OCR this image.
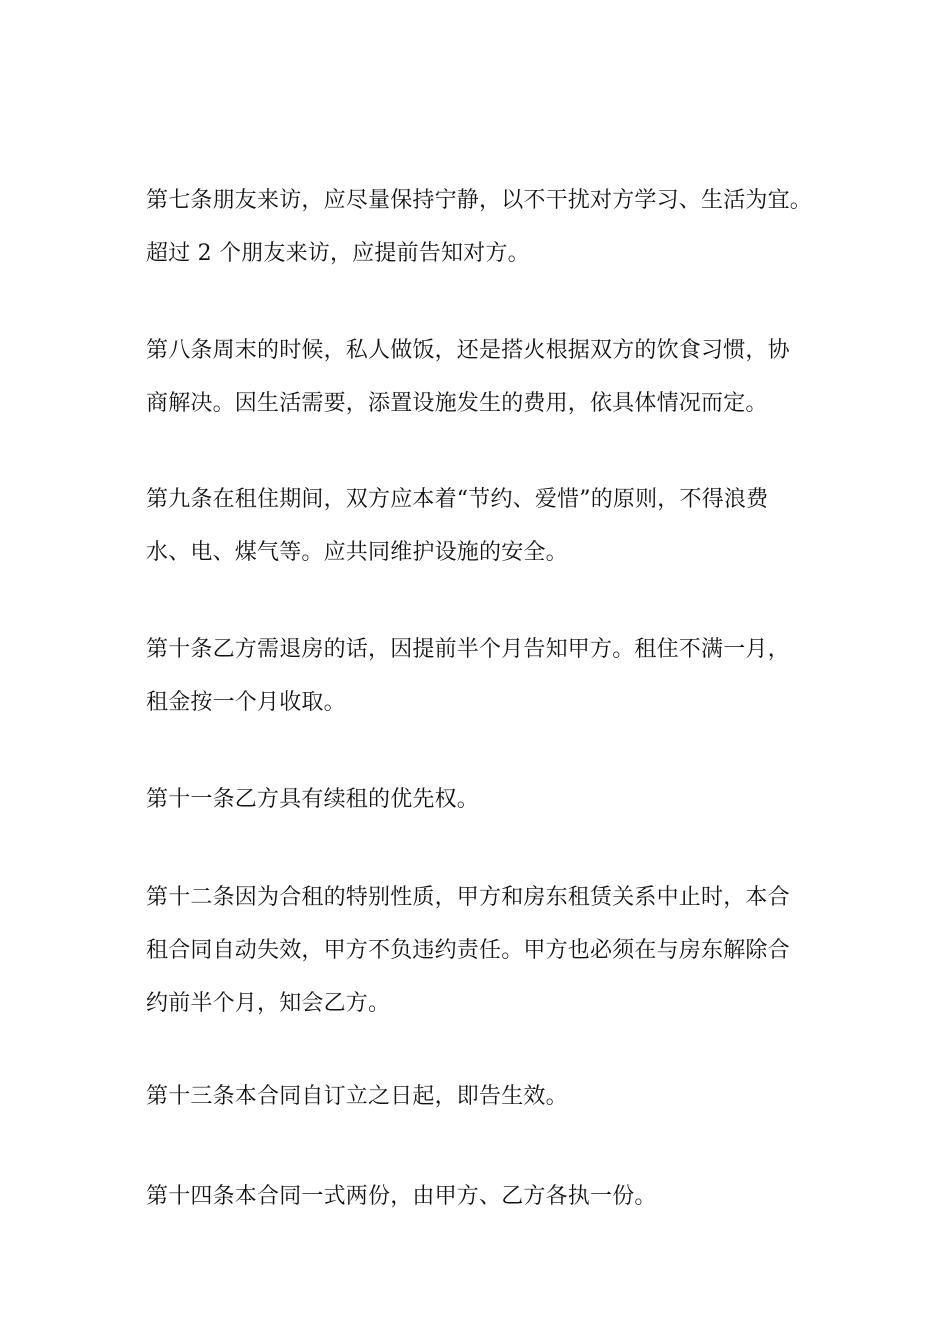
第七条朋友来访，应尽量保持宁静，以不干扰对方学习、生活为宜。
超过 2 个朋友来访，应提前告知对方。

第八条周末的时候，私人做饭，还是搭火根据双方的饮食习惯，协
商解决。因生活需要，添置设施发生的费用，依具体情况而定。

第九条在租住期间，双方应本着“节约、爱惜”的原则，不得浪费
水、电、煤气等。应共同维护设施的安全。

第十条乙方需退房的话，因提前半个月告知甲方。租住不满一月，
租金按一个月收取。

第十一条乙方具有续租的优先权。

第十二条因为合租的特别性质，甲方和房东租赁关系中止时，本合
租合同自动失效，甲方不负违约责任。甲方也必须在与房东解除合
约前半个月，知会乙方。

第十三条本合同自订立之日起，即告生效。

第十四条本合同一式两份，由甲方、乙方各执一份。
